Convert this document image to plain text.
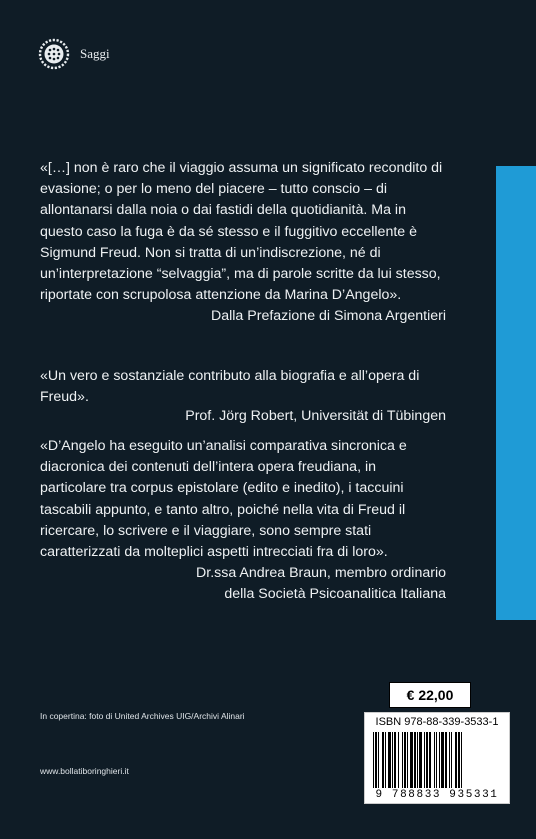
Saggi

«[…] non è raro che il viaggio assuma un significato recondito di evasione; o per lo meno del piacere – tutto conscio – di allontanarsi dalla noia o dai fastidi della quotidianità. Ma in questo caso la fuga è da sé stesso e il fuggitivo eccellente è Sigmund Freud. Non si tratta di un’indiscrezione, né di un’interpretazione “selvaggia”, ma di parole scritte da lui stesso, riportate con scrupolosa attenzione da Marina D’Angelo».

Dalla Prefazione di Simona Argentieri

«Un vero e sostanziale contributo alla biografia e all’opera di Freud».

Prof. Jörg Robert, Universität di Tübingen

«D’Angelo ha eseguito un’analisi comparativa sincronica e diacronica dei contenuti dell’intera opera freudiana, in particolare tra corpus epistolare (edito e inedito), i taccuini tascabili appunto, e tanto altro, poiché nella vita di Freud il ricercare, lo scrivere e il viaggiare, sono sempre stati caratterizzati da molteplici aspetti intrecciati fra di loro».

Dr.ssa Andrea Braun, membro ordinario
della Società Psicoanalitica Italiana
In copertina: foto di United Archives UIG/Archivi Alinari
www.bollatiboringhieri.it
€ 22,00
ISBN 978-88-339-3533-1
9 788833 935331
